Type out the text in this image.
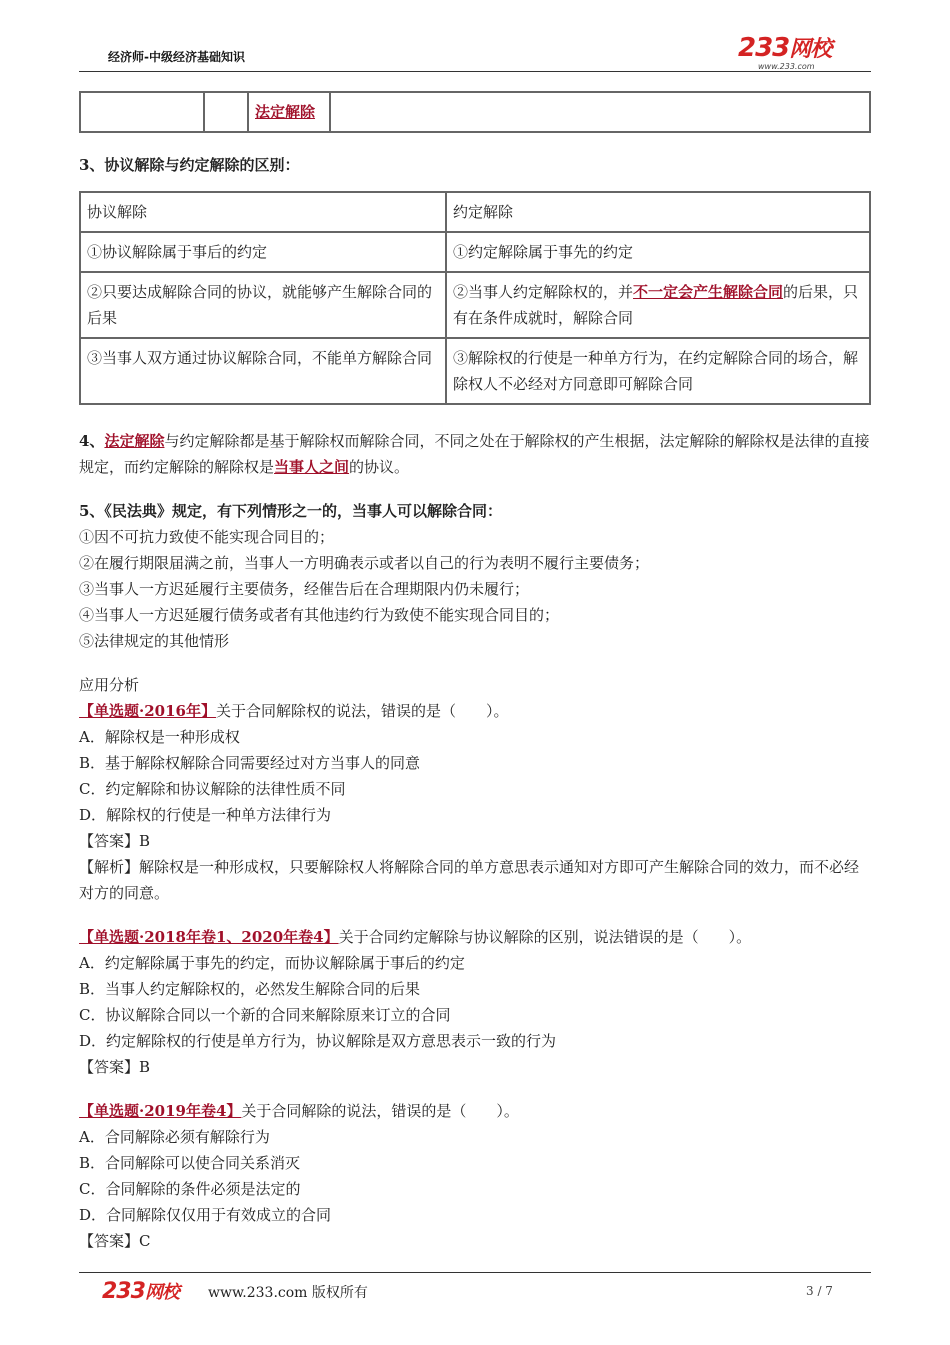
经济师-中级经济基础知识	233网校
www.233.com
		法定解除	
3、协议解除与约定解除的区别：
协议解除	约定解除
①协议解除属于事后的约定	①约定解除属于事先的约定
②只要达成解除合同的协议，就能够产生解除合同的后果	②当事人约定解除权的，并不一定会产生解除合同的后果，只有在条件成就时，解除合同
③当事人双方通过协议解除合同，不能单方解除合同	③解除权的行使是一种单方行为，在约定解除合同的场合，解除权人不必经对方同意即可解除合同
4、法定解除与约定解除都是基于解除权而解除合同，不同之处在于解除权的产生根据，法定解除的解除权是法律的直接规定，而约定解除的解除权是当事人之间的协议。
5、《民法典》规定，有下列情形之一的，当事人可以解除合同：
①因不可抗力致使不能实现合同目的；
②在履行期限届满之前，当事人一方明确表示或者以自己的行为表明不履行主要债务；
③当事人一方迟延履行主要债务，经催告后在合理期限内仍未履行；
④当事人一方迟延履行债务或者有其他违约行为致使不能实现合同目的；
⑤法律规定的其他情形
应用分析
【单选题·2016年】关于合同解除权的说法，错误的是（　　）。
A．解除权是一种形成权
B．基于解除权解除合同需要经过对方当事人的同意
C．约定解除和协议解除的法律性质不同
D．解除权的行使是一种单方法律行为
【答案】B
【解析】解除权是一种形成权，只要解除权人将解除合同的单方意思表示通知对方即可产生解除合同的效力，而不必经对方的同意。
【单选题·2018年卷1、2020年卷4】关于合同约定解除与协议解除的区别，说法错误的是（　　）。
A．约定解除属于事先的约定，而协议解除属于事后的约定
B．当事人约定解除权的，必然发生解除合同的后果
C．协议解除合同以一个新的合同来解除原来订立的合同
D．约定解除权的行使是单方行为，协议解除是双方意思表示一致的行为
【答案】B
【单选题·2019年卷4】关于合同解除的说法，错误的是（　　）。
A．合同解除必须有解除行为
B．合同解除可以使合同关系消灭
C．合同解除的条件必须是法定的
D．合同解除仅仅用于有效成立的合同
【答案】C
233网校 www.233.com 版权所有	3 / 7
